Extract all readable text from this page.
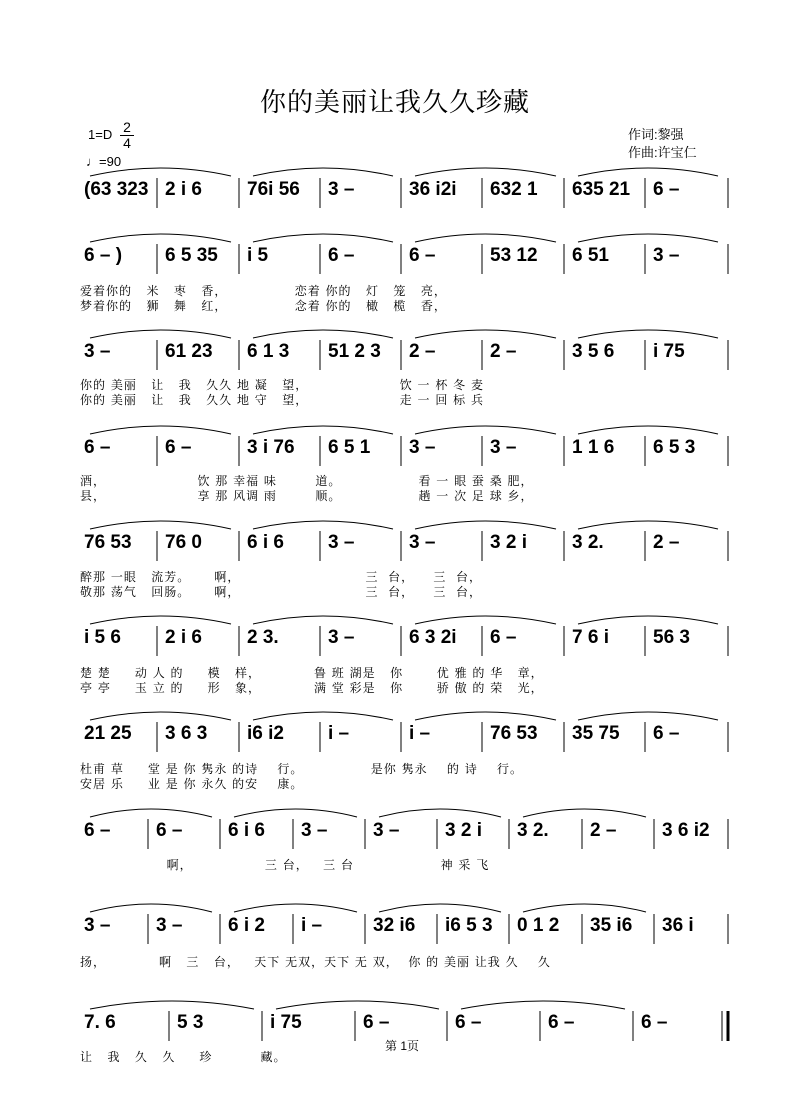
你的美丽让我久久珍藏
1=D 2
4
♩=90
作词:黎强
作曲:许宝仁
(63 323 2 i 6 76i 56 3 –	36 i2i 632 1 635 21 6 –
6 – ) 6 5 35 i 5	6 –	6 –	53 12 6 51 3 –
爱着你的   米   枣   香，              恋着 你的   灯   笼   亮，
梦着你的   狮   舞   红，              念着 你的   橄   榄   香，
3 –	61 23 6 1 3 51 2 3 2 –	2 –	3 5 6 i 75
你的 美丽   让   我   久久 地 凝   望，                   饮 一 杯 冬 麦
你的 美丽   让   我   久久 地 守   望，                   走 一 回 标 兵
6 –	6 –	3 i 76 6 5 1 3 –	3 –	1 1 6 6 5 3
酒，                   饮 那 幸福 味        道。                看 一 眼 蚕 桑 肥，
县，                   享 那 风调 雨        顺。                趟 一 次 足 球 乡，
76 53 76 0 6 i 6 3 –	3 –	3 2 i 3 2.	2 –
醉那 一眼   流芳。     啊，                          三  台，    三  台，
敬那 荡气   回肠。     啊，                          三  台，    三  台，
i 5 6 2 i 6 2 3.	3 –	6 3 2i 6 –	7 6 i 56 3
楚 楚     动 人 的     模   样，           鲁 班 湖是   你       优 雅 的 华   章，
亭 亭     玉 立 的     形   象，           满 堂 彩是   你       骄 傲 的 荣   光，
21 25 3 6 3 i6 i2 i –	i –	76 53 35 75 6 –
杜甫 草     堂 是 你 隽永 的诗    行。              是你 隽永    的 诗    行。
安居 乐     业 是 你 永久 的安    康。
6 – 6 – 6 i 6 3 – 3 – 3 2 i 3 2. 2 – 3 6 i2
啊，               三 台，   三 台                  神 采 飞
3 – 3 – 6 i 2 i –	32 i6 i6 5 3 0 1 2 35 i6 36 i
扬，           啊   三   台，   天下 无双，天下 无 双，  你 的 美丽 让我 久    久
7. 6	5 3	i 75	6 –	6 –	6 –	6 –
让   我   久   久     珍          藏。
第 1页
